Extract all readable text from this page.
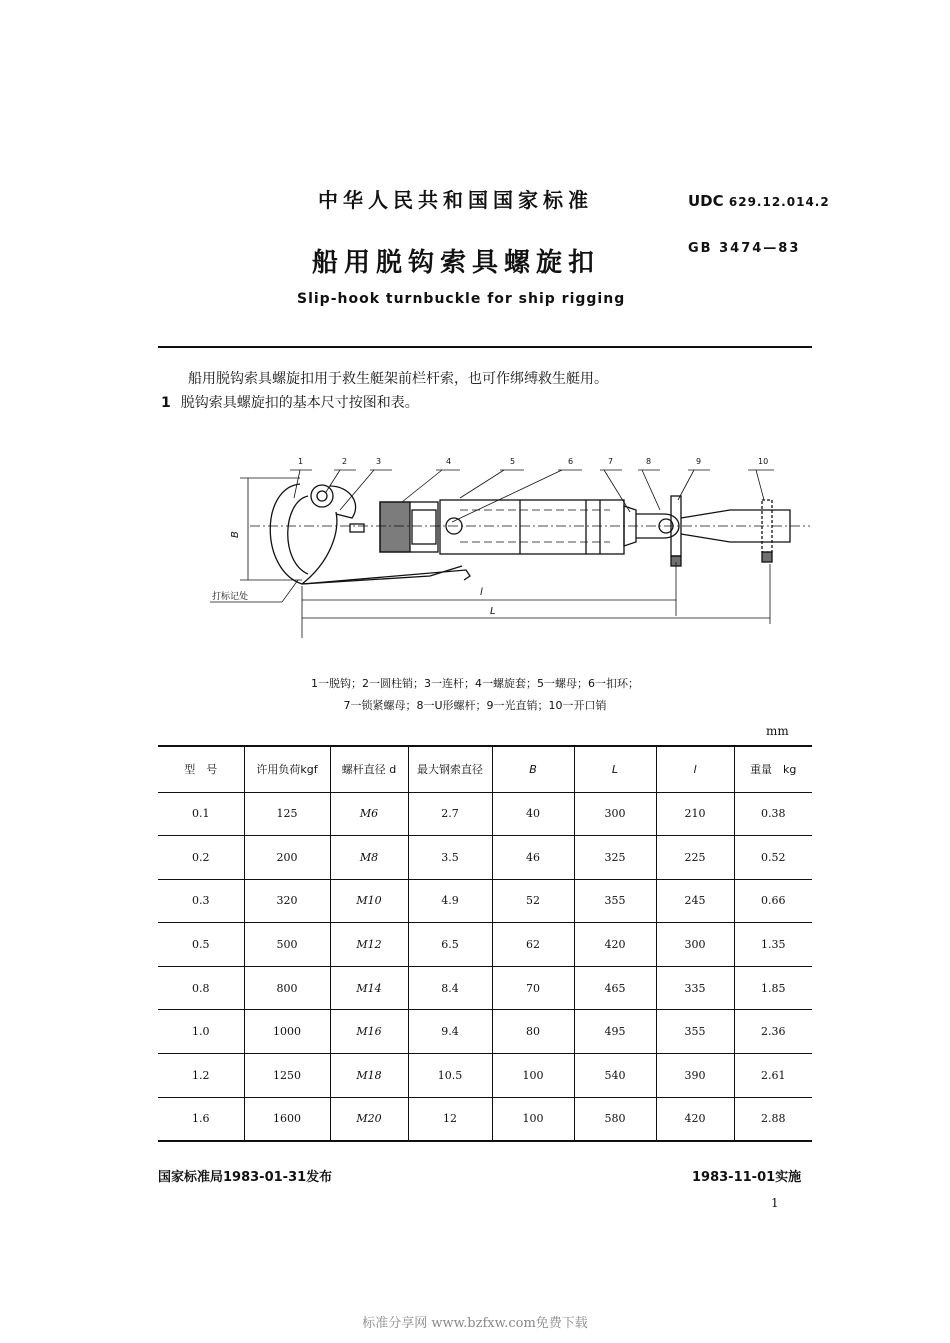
中华人民共和国国家标准	UDC 629.12.014.2
船用脱钩索具螺旋扣	GB 3474—83
Slip-hook turnbuckle for ship rigging
船用脱钩索具螺旋扣用于救生艇架前栏杆索，也可作绑缚救生艇用。
1 脱钩索具螺旋扣的基本尺寸按图和表。
1	2	3	4	5	6	7	8	9	10
B
l
L
打标记处
1一脱钩；2一圆柱销；3一连杆；4一螺旋套；5一螺母；6一扣环；
7一锁紧螺母；8一U形螺杆；9一光直销；10一开口销
mm
型　号	许用负荷kgf	螺杆直径 d	最大钢索直径	B	L	l	重量　kg
0.1	125	M6	2.7	40	300	210	0.38
0.2	200	M8	3.5	46	325	225	0.52
0.3	320	M10	4.9	52	355	245	0.66
0.5	500	M12	6.5	62	420	300	1.35
0.8	800	M14	8.4	70	465	335	1.85
1.0	1000	M16	9.4	80	495	355	2.36
1.2	1250	M18	10.5	100	540	390	2.61
1.6	1600	M20	12	100	580	420	2.88
国家标准局1983-01-31发布	1983-11-01实施
1
标准分享网 www.bzfxw.com免费下载
